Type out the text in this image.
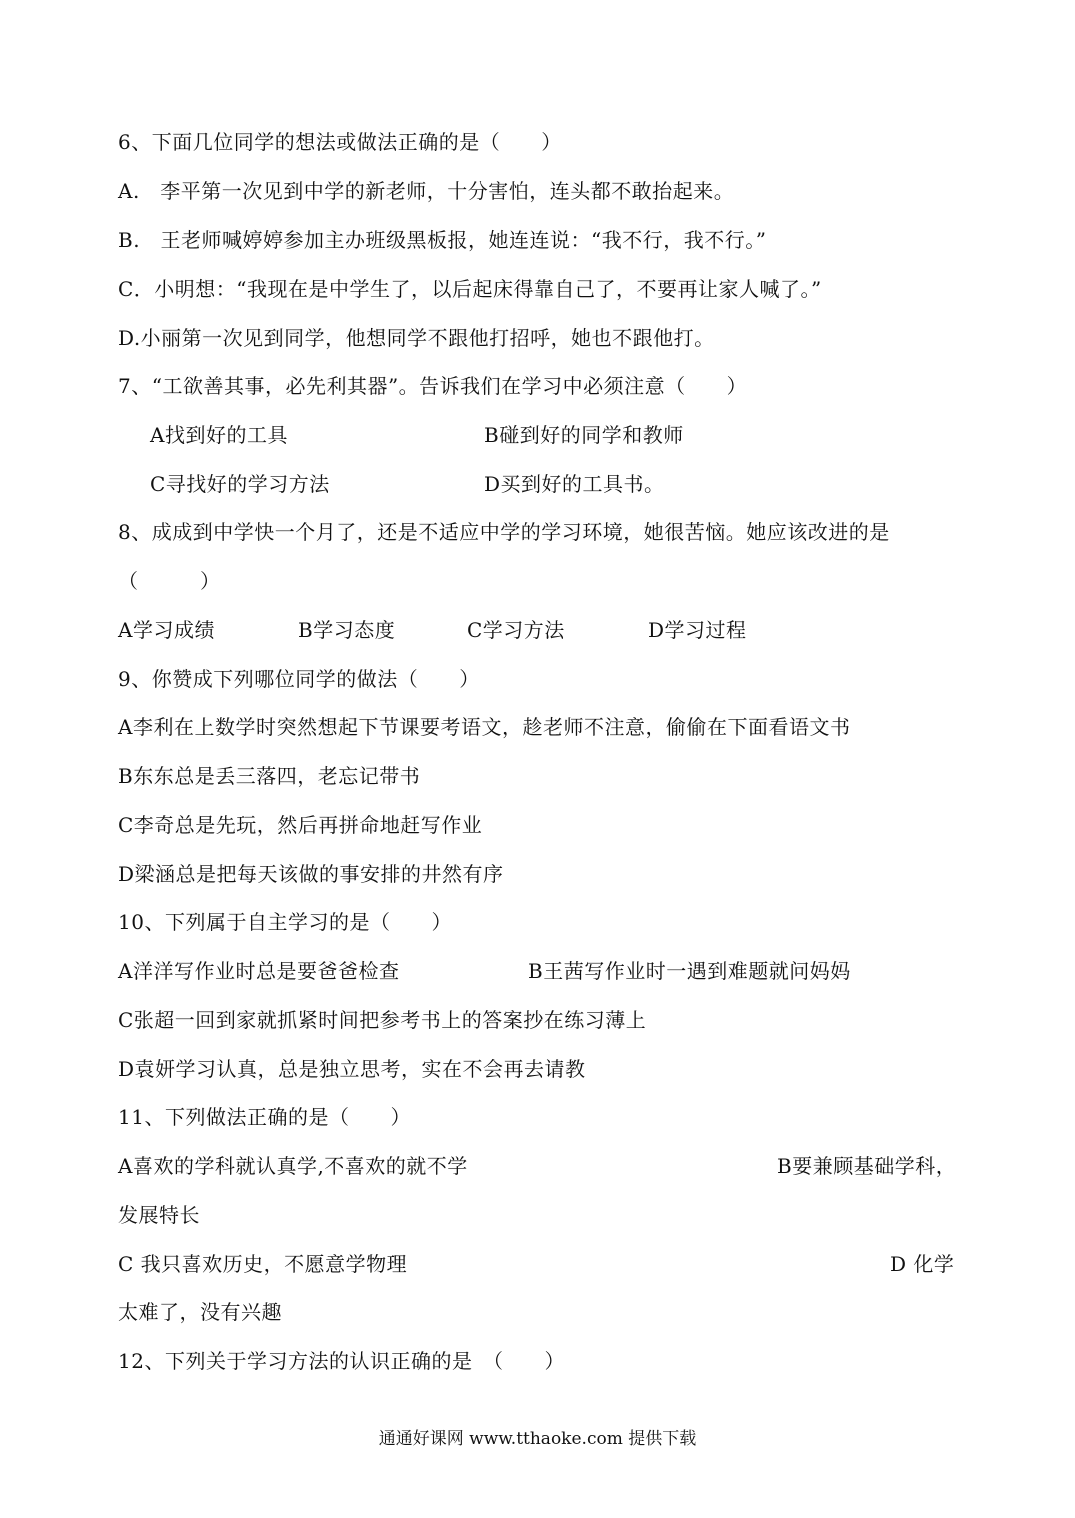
6、下面几位同学的想法或做法正确的是（　　）
A.　李平第一次见到中学的新老师，十分害怕，连头都不敢抬起来。
B.　王老师喊婷婷参加主办班级黑板报，她连连说：“我不行，我不行。”
C．小明想：“我现在是中学生了，以后起床得靠自己了，不要再让家人喊了。”
D.小丽第一次见到同学，他想同学不跟他打招呼，她也不跟他打。
7、“工欲善其事，必先利其器”。告诉我们在学习中必须注意（　　）
A找到好的工具	B碰到好的同学和教师
C寻找好的学习方法	D买到好的工具书。
8、成成到中学快一个月了，还是不适应中学的学习环境，她很苦恼。她应该改进的是
（　　　）
A学习成绩	B学习态度	C学习方法	D学习过程
9、你赞成下列哪位同学的做法（　　）
A李利在上数学时突然想起下节课要考语文，趁老师不注意，偷偷在下面看语文书
B东东总是丢三落四，老忘记带书
C李奇总是先玩，然后再拼命地赶写作业
D梁涵总是把每天该做的事安排的井然有序
10、下列属于自主学习的是（　　）
A洋洋写作业时总是要爸爸检查	B王茜写作业时一遇到难题就问妈妈
C张超一回到家就抓紧时间把参考书上的答案抄在练习薄上
D袁妍学习认真，总是独立思考，实在不会再去请教
11、下列做法正确的是（　　）
A喜欢的学科就认真学,不喜欢的就不学	B要兼顾基础学科，
发展特长
C 我只喜欢历史，不愿意学物理	D 化学
太难了，没有兴趣
12、下列关于学习方法的认识正确的是　（　　）
通通好课网 www.tthaoke.com 提供下载
